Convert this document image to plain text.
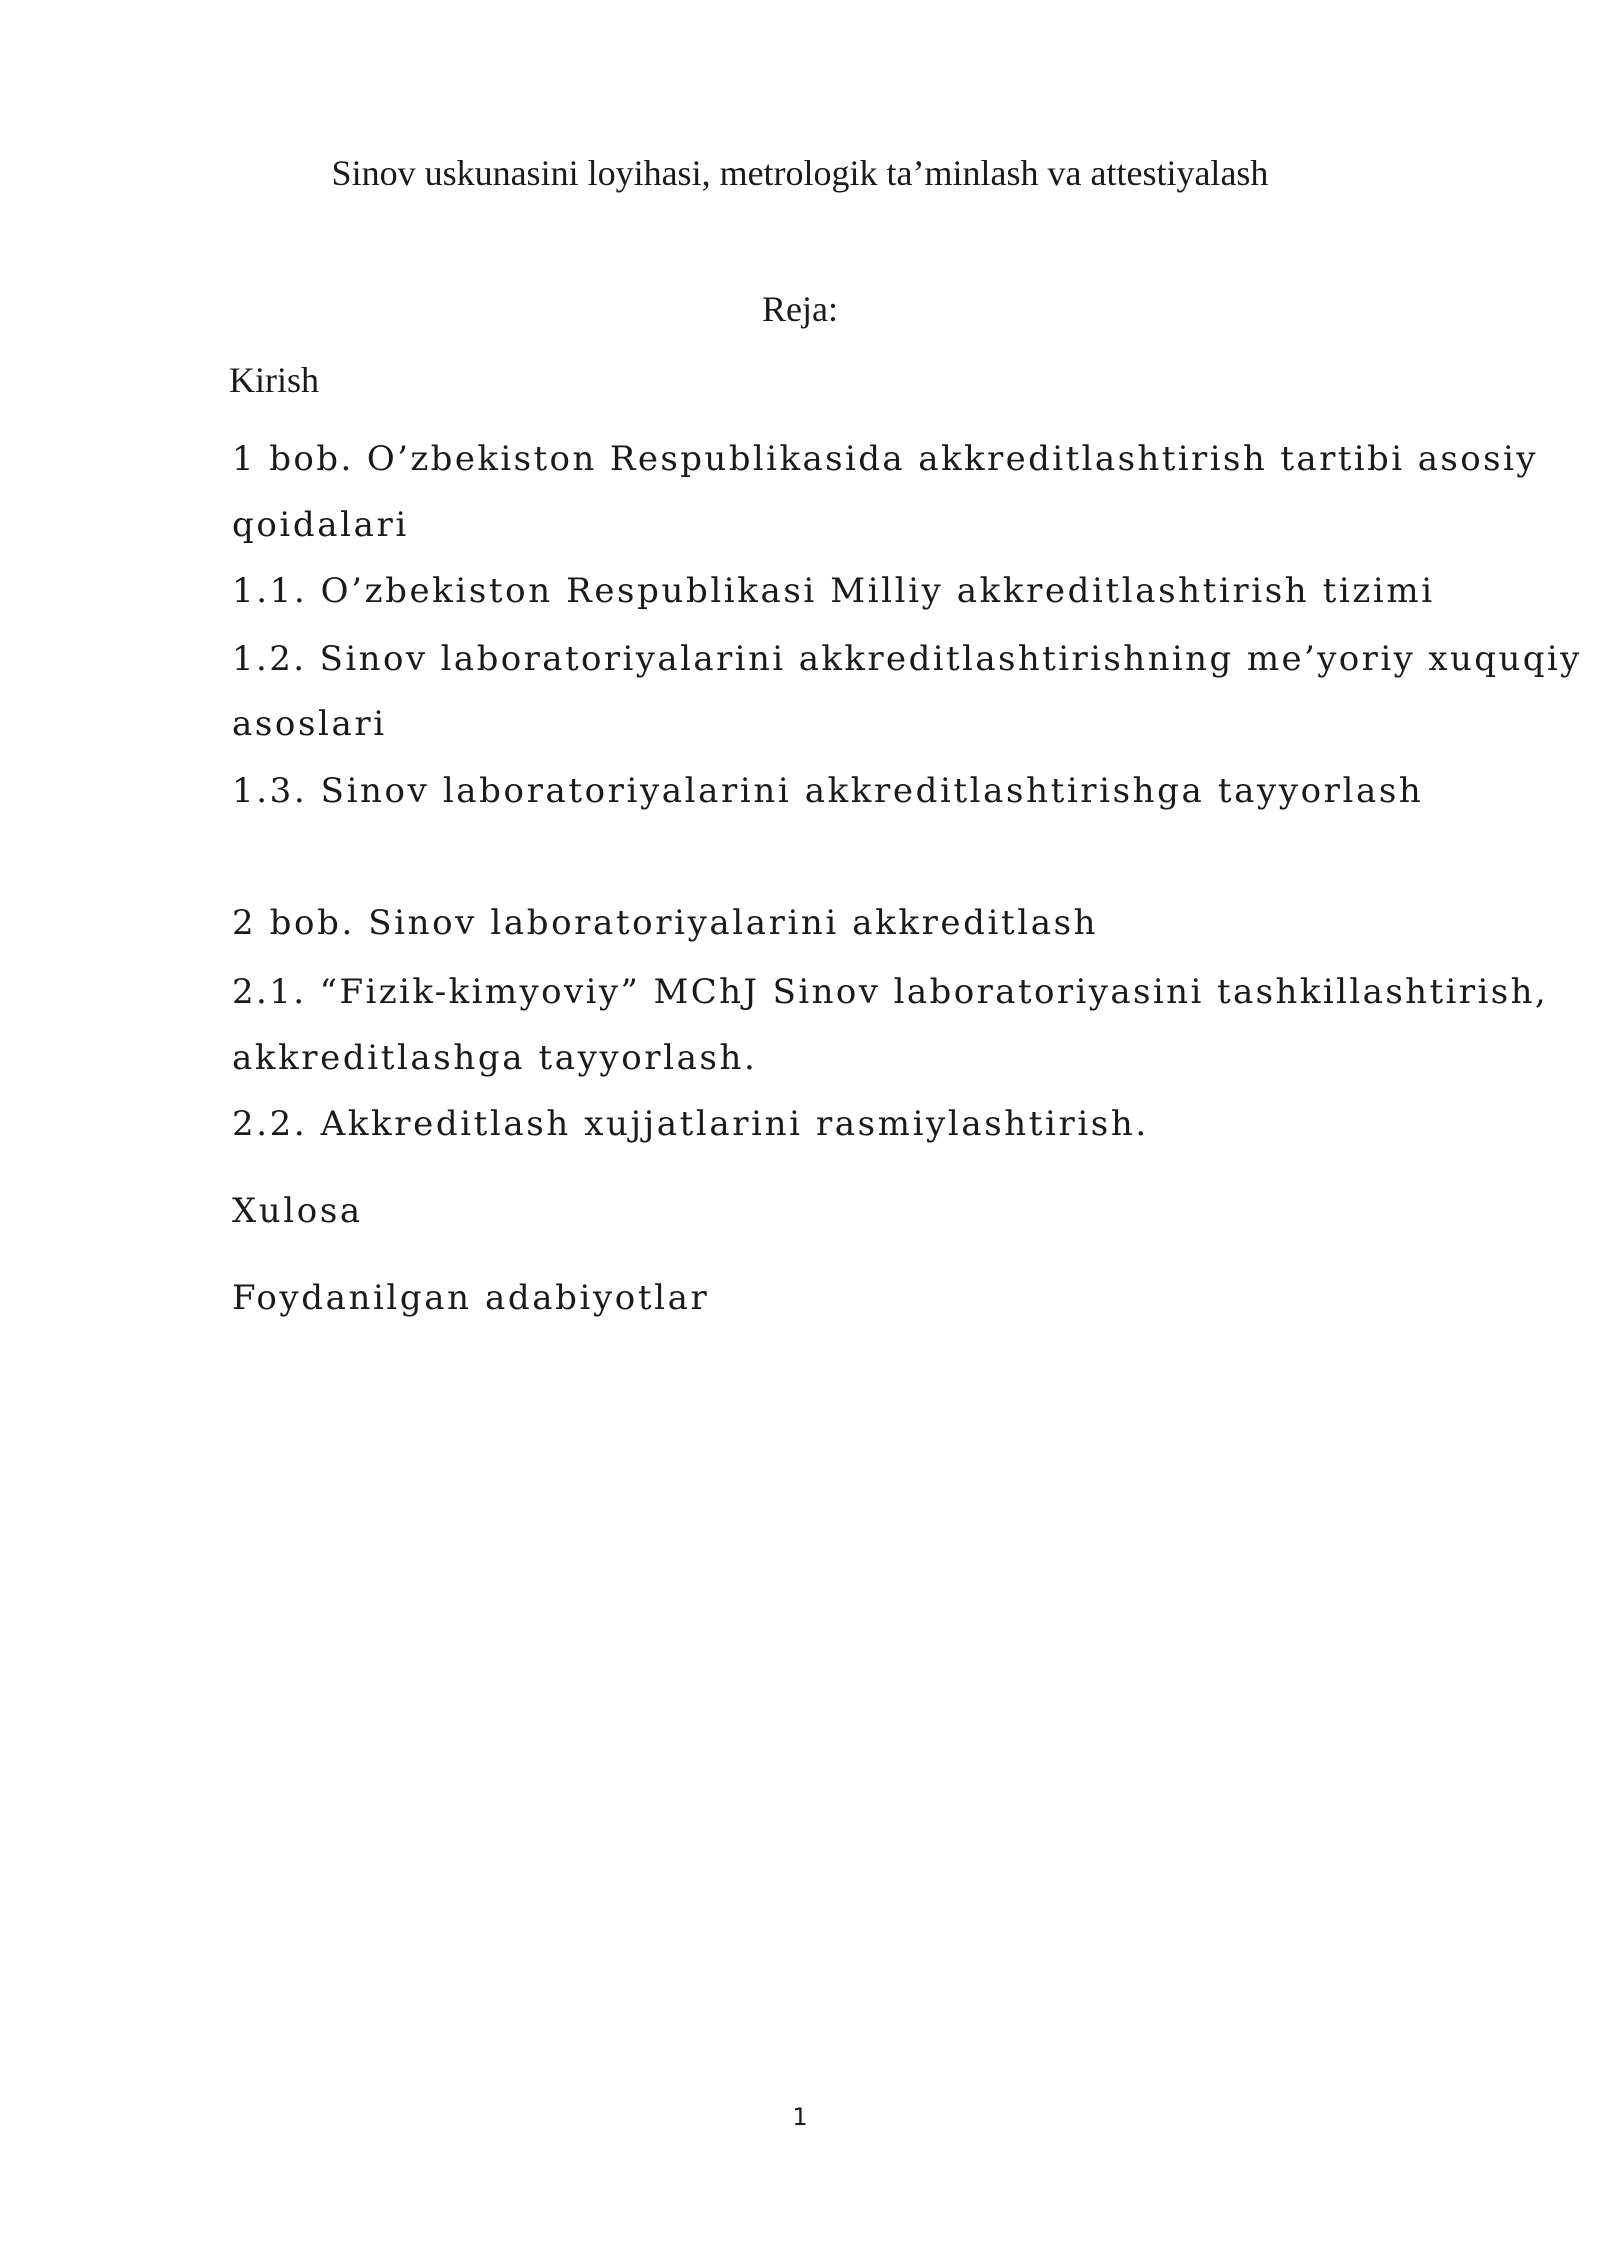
Sinov uskunasini loyihasi, metrologik ta’minlash va attestiyalash
Reja:
Kirish
1 bob. O’zbekiston Respublikasida akkreditlashtirish tartibi asosiy
qoidalari
1.1. O’zbekiston Respublikasi Milliy akkreditlashtirish tizimi
1.2. Sinov laboratoriyalarini akkreditlashtirishning me’yoriy xuquqiy
asoslari
1.3. Sinov laboratoriyalarini akkreditlashtirishga tayyorlash
2 bob. Sinov laboratoriyalarini akkreditlash
2.1. “Fizik-kimyoviy” MChJ Sinov laboratoriyasini tashkillashtirish,
akkreditlashga tayyorlash.
2.2. Akkreditlash xujjatlarini rasmiylashtirish.
Xulosa
Foydanilgan adabiyotlar
1
